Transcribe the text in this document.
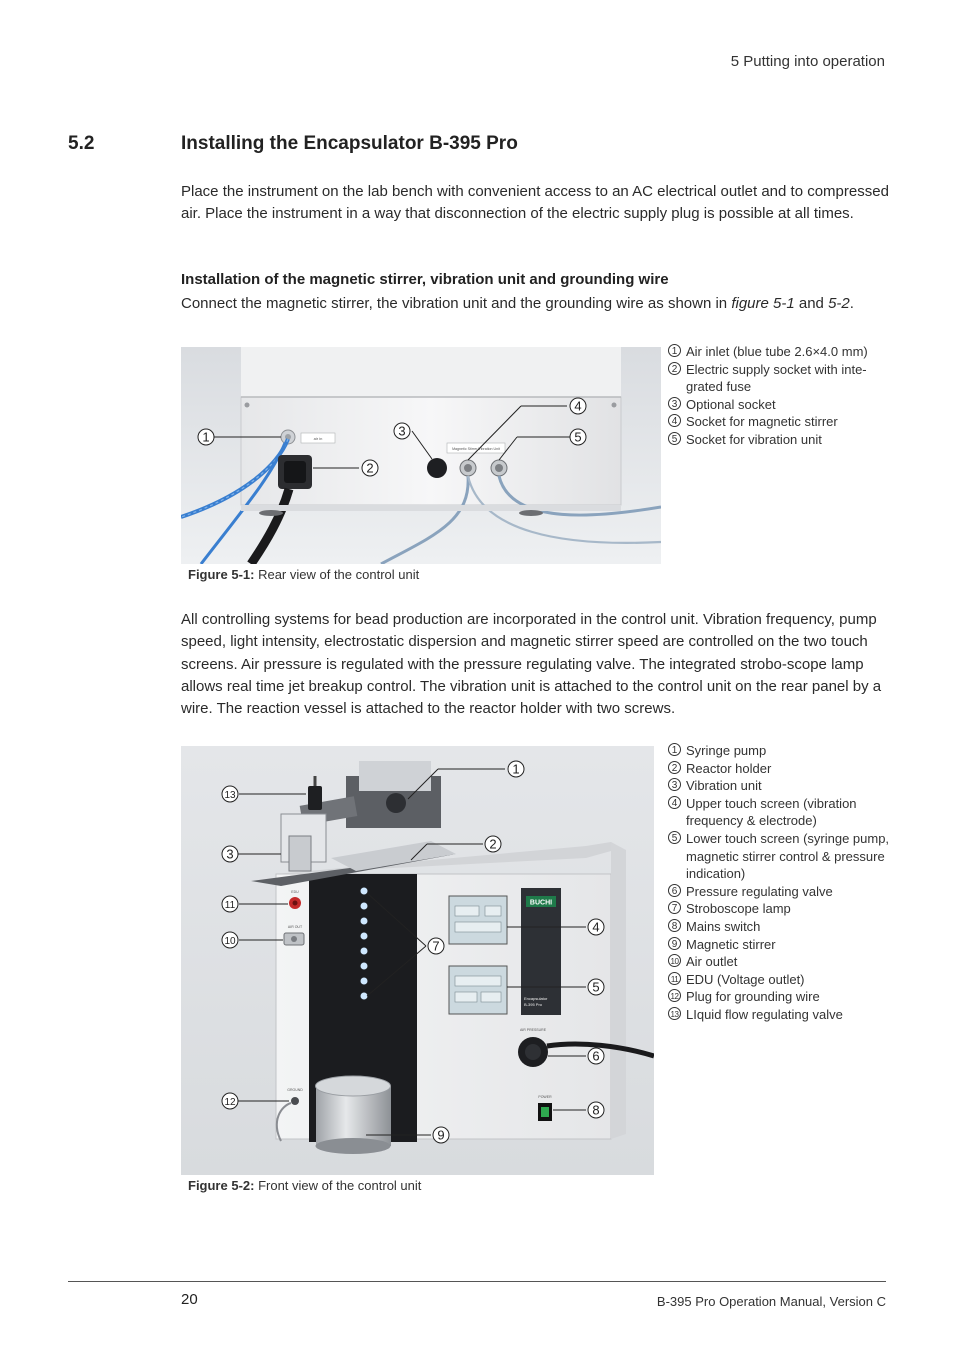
5 Putting into operation
5.2	Installing the Encapsulator B-395 Pro
Place the instrument on the lab bench with convenient access to an AC electrical outlet and to compressed air. Place the instrument in a way that disconnection of the electric supply plug is possible at all times.
Installation of the magnetic stirrer, vibration unit and grounding wire
Connect the magnetic stirrer, the vibration unit and the grounding wire as shown in figure 5-1 and 5-2.
air in
Magnetic Stirrer Vibration Unit
1
2
3
4
5
Figure 5-1: Rear view of the control unit
1 Air inlet (blue tube 2.6×4.0 mm)
2 Electric supply socket with inte-grated fuse
3 Optional socket
4 Socket for magnetic stirrer
5 Socket for vibration unit
All controlling systems for bead production are incorporated in the control unit. Vibration frequency, pump speed, light intensity, electrostatic dispersion and magnetic stirrer speed are controlled on the two touch screens. Air pressure is regulated with the pressure regulating valve. The integrated strobo-scope lamp allows real time jet breakup control. The vibration unit is attached to the control unit on the rear panel by a wire. The reaction vessel is attached to the reactor holder with two screws.
BUCHI
Encapsulator
B-395 Pro
AIR PRESSURE
POWER
EDU
AIR OUT
GROUND
1
2
3
4
5
6
7
8
9
10
11
12
13
Figure 5-2: Front view of the control unit
1 Syringe pump
2 Reactor holder
3 Vibration unit
4 Upper touch screen (vibration frequency & electrode)
5 Lower touch screen (syringe pump, magnetic stirrer control & pressure indication)
6 Pressure regulating valve
7 Stroboscope lamp
8 Mains switch
9 Magnetic stirrer
10 Air outlet
11 EDU (Voltage outlet)
12 Plug for grounding wire
13 LIquid flow regulating valve
20	B-395 Pro Operation Manual, Version C
